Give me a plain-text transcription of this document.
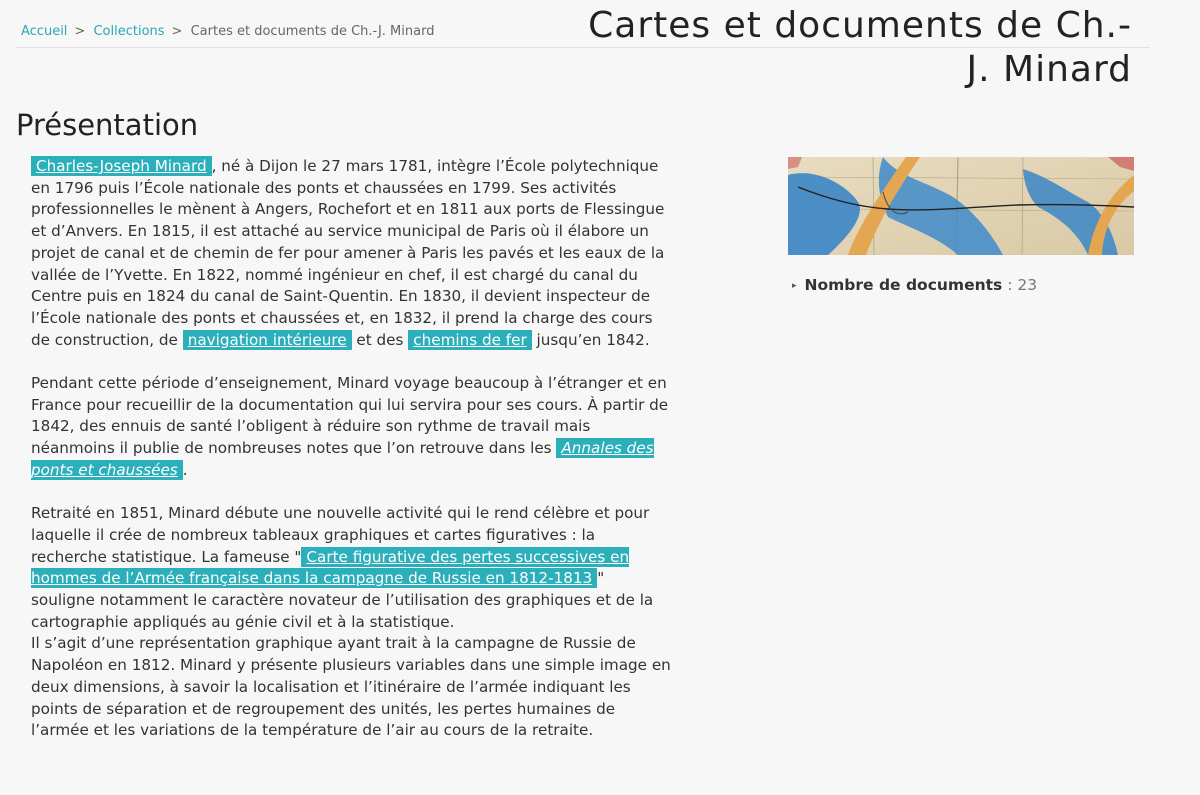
Accueil > Collections > Cartes et documents de Ch.-J. Minard	Cartes et documents de Ch.-J. Minard
Présentation

Charles-Joseph Minard , né à Dijon le 27 mars 1781, intègre l’École polytechnique en 1796 puis l’École nationale des ponts et chaussées en 1799. Ses activités professionnelles le mènent à Angers, Rochefort et en 1811 aux ports de Flessingue et d’Anvers. En 1815, il est attaché au service municipal de Paris où il élabore un projet de canal et de chemin de fer pour amener à Paris les pavés et les eaux de la vallée de l’Yvette. En 1822, nommé ingénieur en chef, il est chargé du canal du Centre puis en 1824 du canal de Saint-Quentin. En 1830, il devient inspecteur de l’École nationale des ponts et chaussées et, en 1832, il prend la charge des cours de construction, de navigation intérieure et des chemins de fer jusqu’en 1842.

Pendant cette période d’enseignement, Minard voyage beaucoup à l’étranger et en France pour recueillir de la documentation qui lui servira pour ses cours. À partir de 1842, des ennuis de santé l’obligent à réduire son rythme de travail mais néanmoins il publie de nombreuses notes que l’on retrouve dans les Annales des ponts et chaussées .

Retraité en 1851, Minard débute une nouvelle activité qui le rend célèbre et pour laquelle il crée de nombreux tableaux graphiques et cartes figuratives : la recherche statistique. La fameuse " Carte figurative des pertes successives en hommes de l’Armée française dans la campagne de Russie en 1812-1813 " souligne notamment le caractère novateur de l’utilisation des graphiques et de la cartographie appliqués au génie civil et à la statistique.
Il s’agit d’une représentation graphique ayant trait à la campagne de Russie de Napoléon en 1812. Minard y présente plusieurs variables dans une simple image en deux dimensions, à savoir la localisation et l’itinéraire de l’armée indiquant les points de séparation et de regroupement des unités, les pertes humaines de l’armée et les variations de la température de l’air au cours de la retraite.

▸ Nombre de documents : 23
